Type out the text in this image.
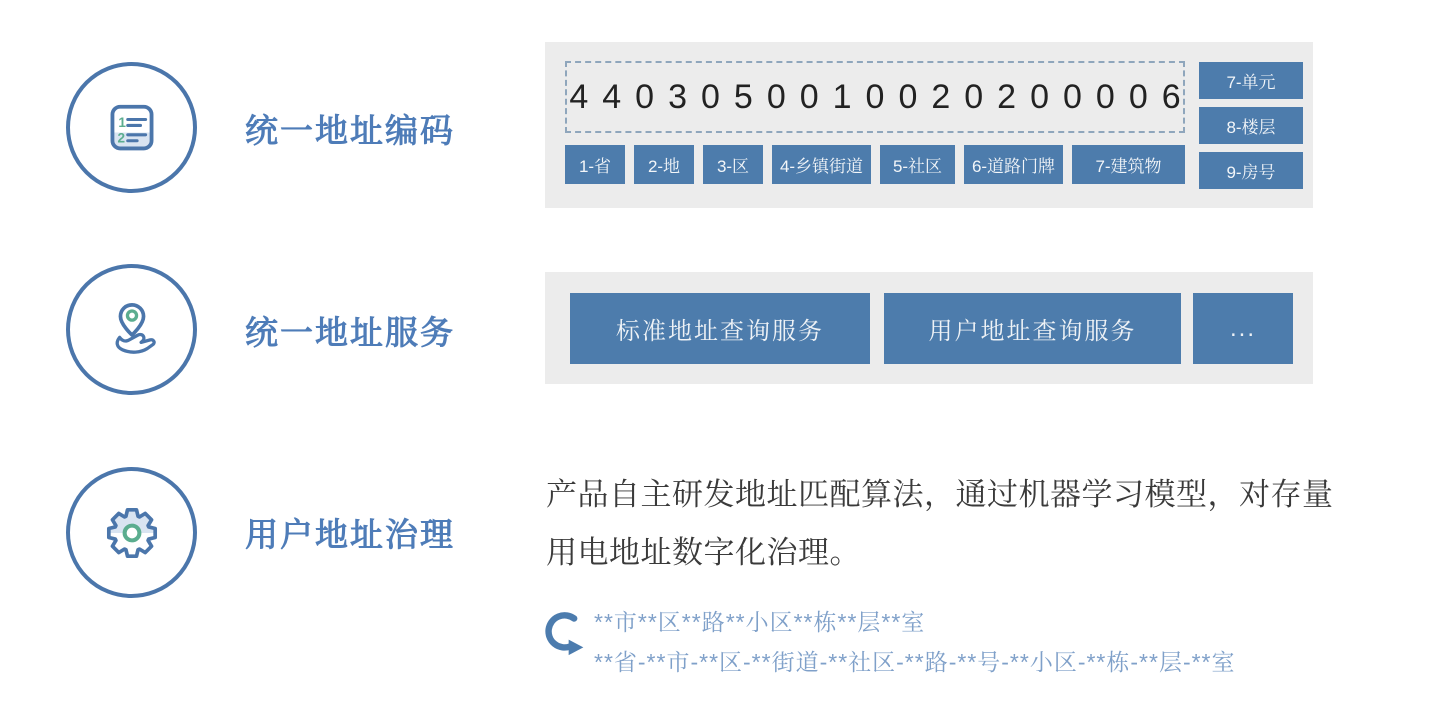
1
2	统一地址编码
4403050010020200006
1-省	2-地	3-区	4-乡镇街道	5-社区	6-道路门牌	7-建筑物
7-单元
8-楼层
9-房号
统一地址服务	标准地址查询服务	用户地址查询服务	...
用户地址治理
产品自主研发地址匹配算法，通过机器学习模型，对存量
用电地址数字化治理。
**市**区**路**小区**栋**层**室
**省-**市-**区-**街道-**社区-**路-**号-**小区-**栋-**层-**室
